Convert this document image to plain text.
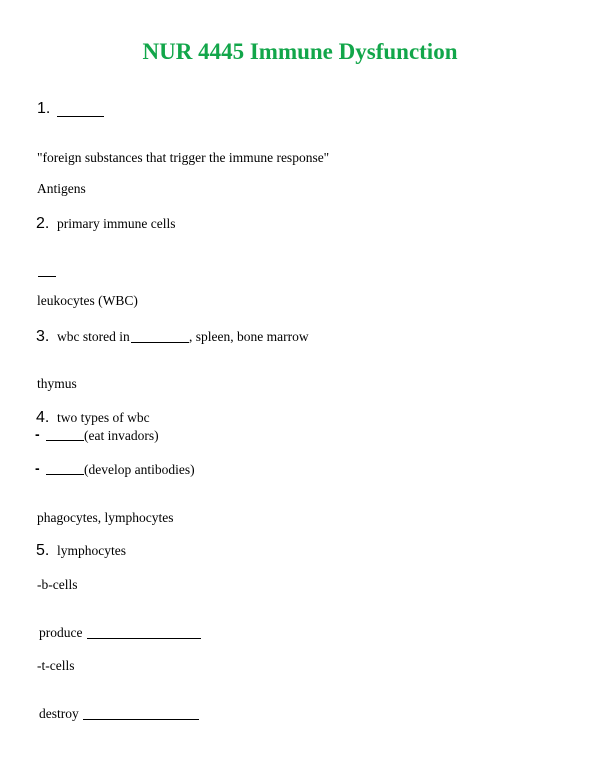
NUR 4445 Immune Dysfunction
1.
"foreign substances that trigger the immune response"
Antigens
2. primary immune cells
leukocytes (WBC)
3. wbc stored in	, spleen, bone marrow
thymus
4. two types of wbc
-	(eat invadors)
-	(develop antibodies)
phagocytes, lymphocytes
5. lymphocytes
-b-cells
produce
-t-cells
destroy
